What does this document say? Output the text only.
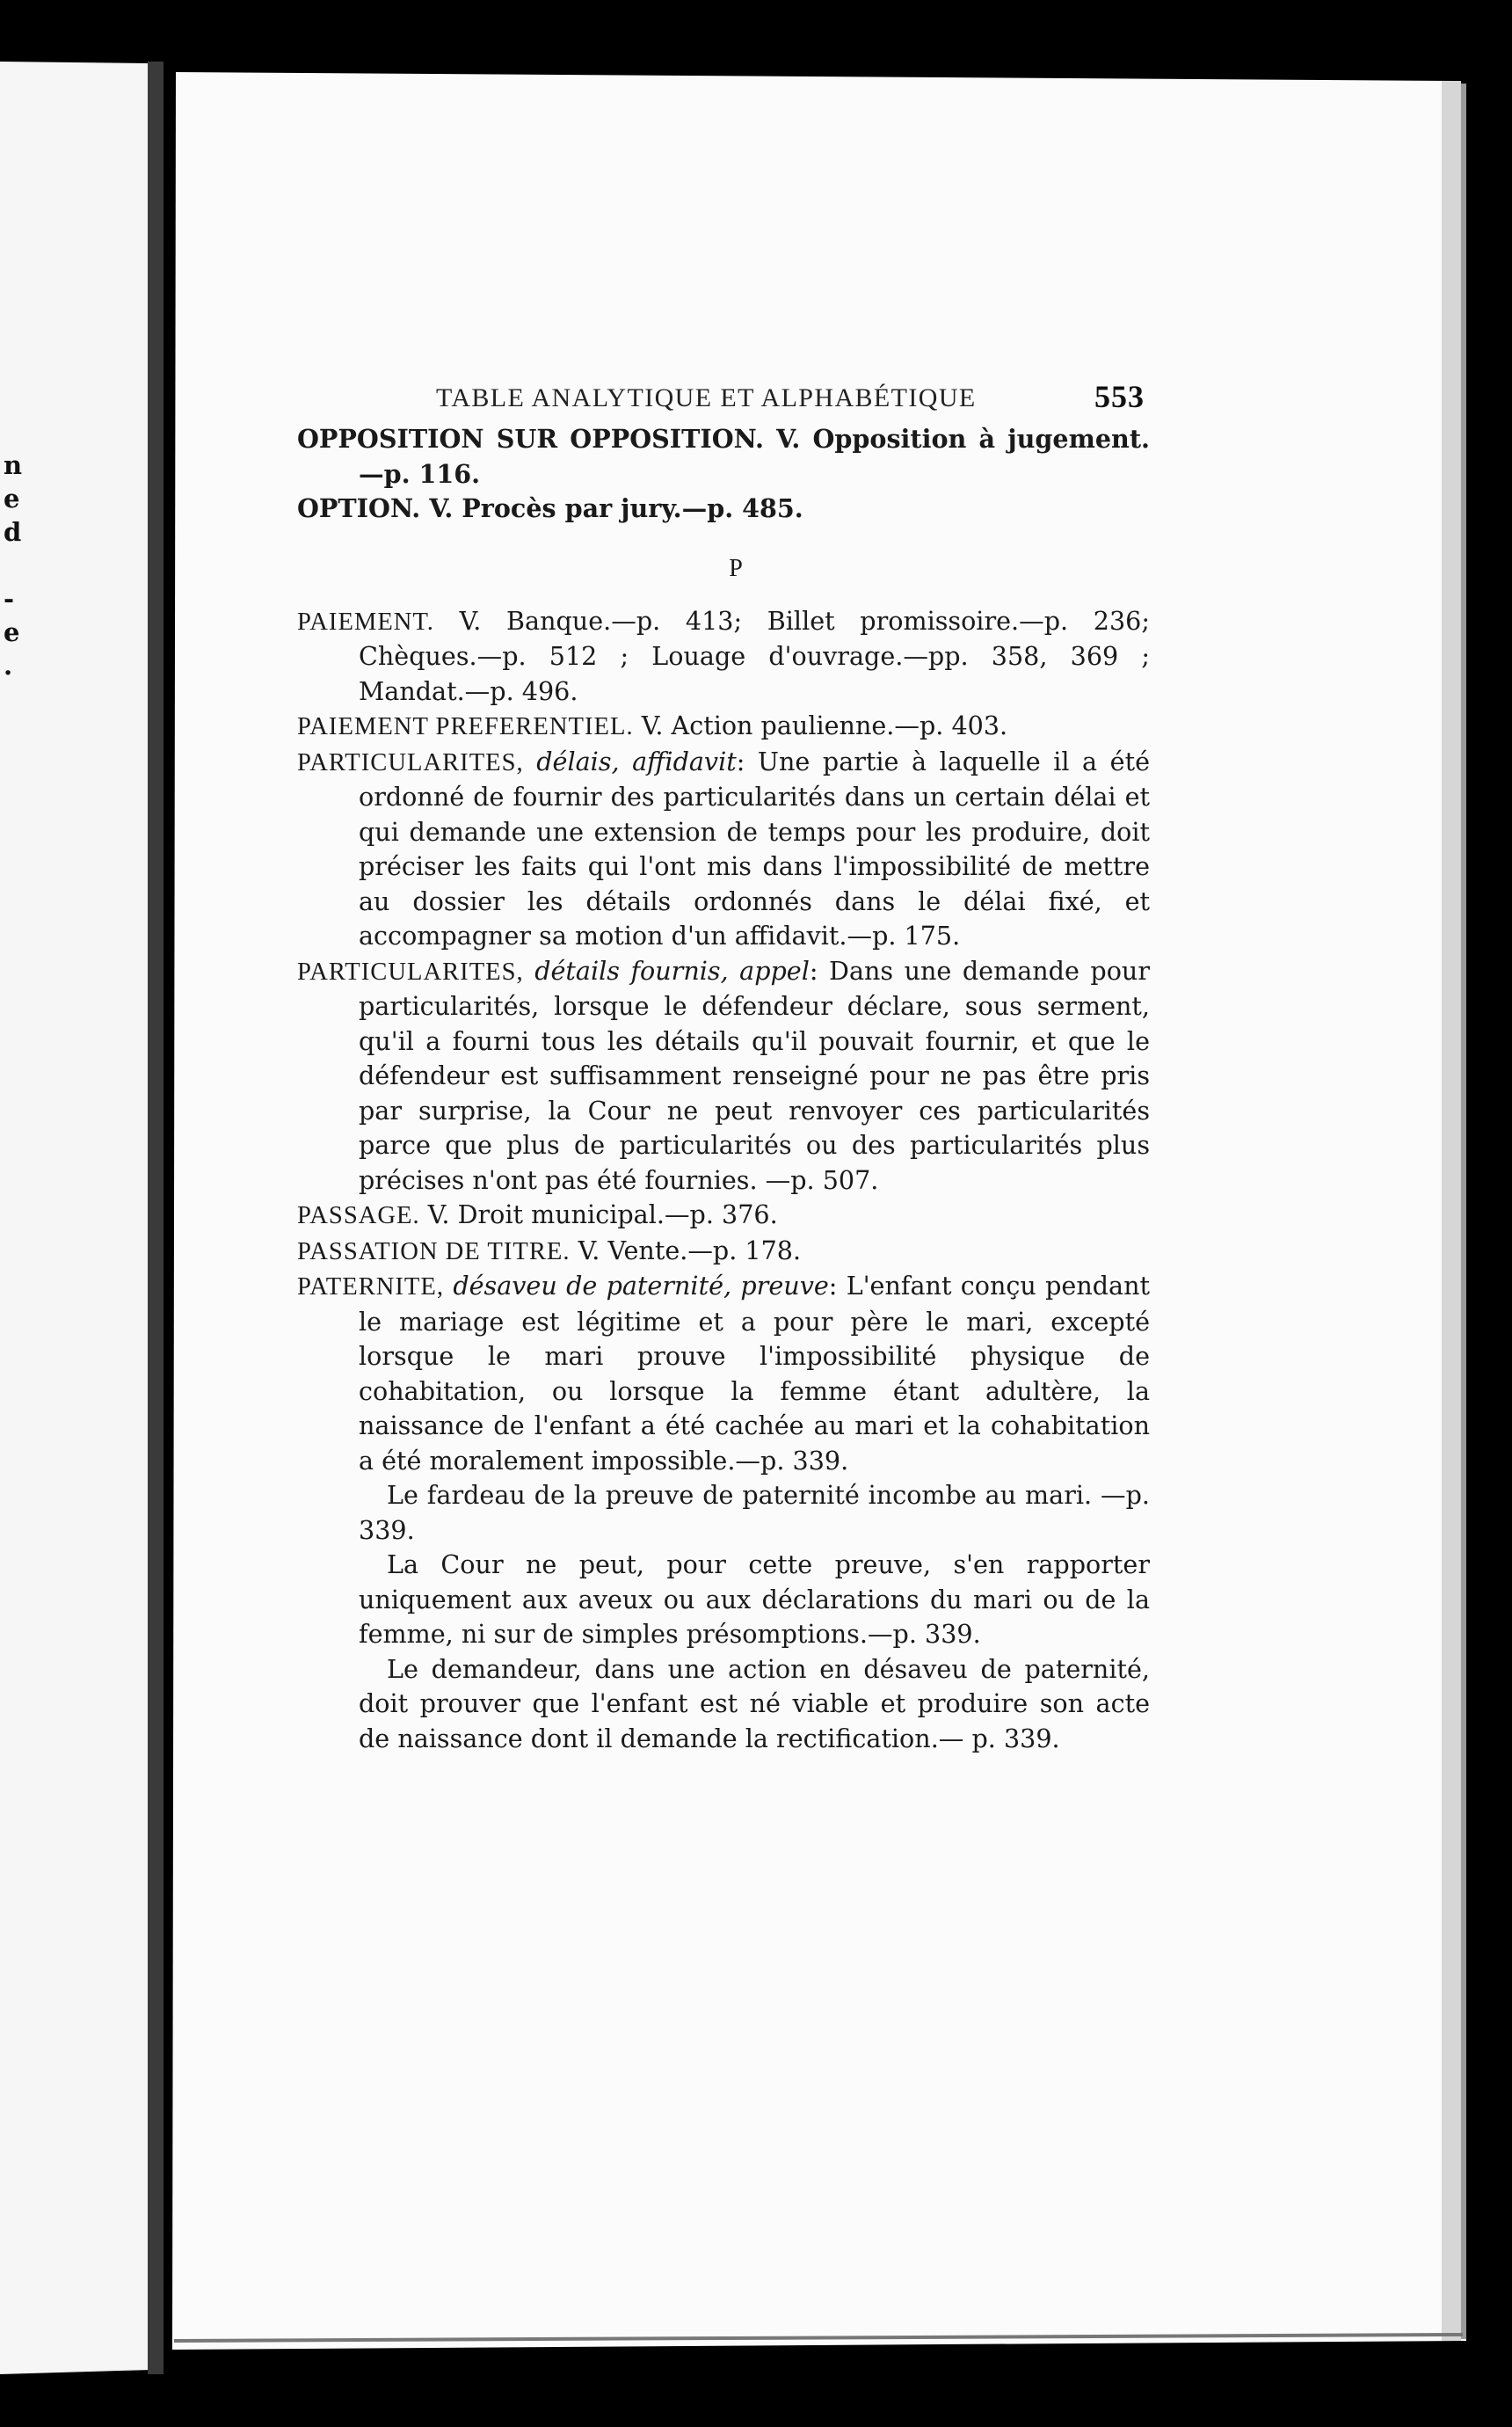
n
e
d
-
e
.
TABLE ANALYTIQUE ET ALPHABÉTIQUE	553

OPPOSITION SUR OPPOSITION. V. Opposition à jugement. —p. 116.

OPTION. V. Procès par jury.—p. 485.

P

PAIEMENT. V. Banque.—p. 413; Billet promissoire.—p. 236; Chèques.—p. 512 ; Louage d'ouvrage.—pp. 358, 369 ; Mandat.—p. 496.

PAIEMENT PREFERENTIEL. V. Action paulienne.—p. 403.

PARTICULARITES, délais, affidavit: Une partie à laquelle il a été ordonné de fournir des particularités dans un certain délai et qui demande une extension de temps pour les produire, doit préciser les faits qui l'ont mis dans l'impossibilité de mettre au dossier les détails ordonnés dans le délai fixé, et accompagner sa motion d'un affidavit.—p. 175.

PARTICULARITES, détails fournis, appel: Dans une demande pour particularités, lorsque le défendeur déclare, sous serment, qu'il a fourni tous les détails qu'il pouvait fournir, et que le défendeur est suffisamment renseigné pour ne pas être pris par surprise, la Cour ne peut renvoyer ces particularités parce que plus de particularités ou des particularités plus précises n'ont pas été fournies. —p. 507.

PASSAGE. V. Droit municipal.—p. 376.

PASSATION DE TITRE. V. Vente.—p. 178.

PATERNITE, désaveu de paternité, preuve: L'enfant conçu pendant le mariage est légitime et a pour père le mari, excepté lorsque le mari prouve l'impossibilité physique de cohabitation, ou lorsque la femme étant adultère, la naissance de l'enfant a été cachée au mari et la cohabitation a été moralement impossible.—p. 339.

Le fardeau de la preuve de paternité incombe au mari. —p. 339.

La Cour ne peut, pour cette preuve, s'en rapporter uniquement aux aveux ou aux déclarations du mari ou de la femme, ni sur de simples présomptions.—p. 339.

Le demandeur, dans une action en désaveu de paternité, doit prouver que l'enfant est né viable et produire son acte de naissance dont il demande la rectification.— p. 339.
